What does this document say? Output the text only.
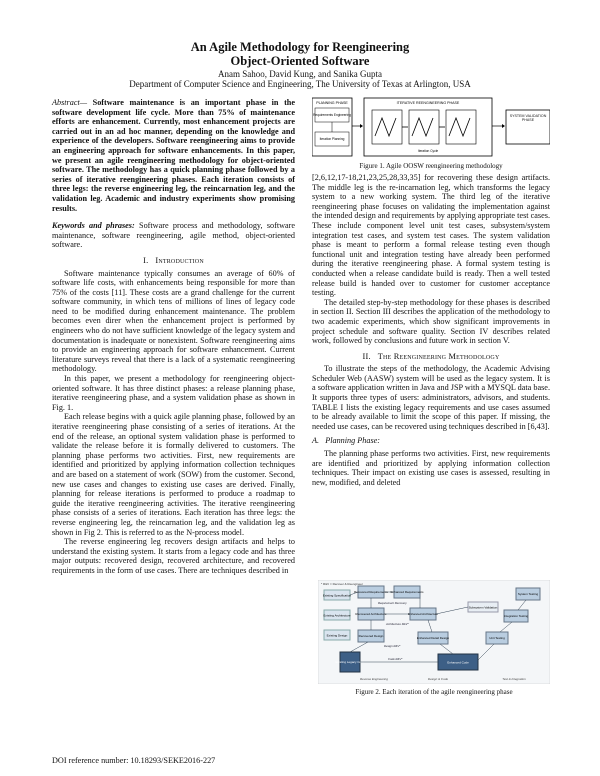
An Agile Methodology for Reengineering
Object-Oriented Software
Anam Sahoo, David Kung, and Sanika Gupta
Department of Computer Science and Engineering, The University of Texas at Arlington, USA

Abstract— Software maintenance is an important phase in the software development life cycle. More than 75% of maintenance efforts are enhancement. Currently, most enhancement projects are carried out in an ad hoc manner, depending on the knowledge and experience of the developers. Software reengineering aims to provide an engineering approach for software enhancements. In this paper, we present an agile reengineering methodology for object-oriented software. The methodology has a quick planning phase followed by a series of iterative reengineering phases. Each iteration consists of three legs: the reverse engineering leg, the reincarnation leg, and the validation leg. Academic and industry experiments show promising results.

Keywords and phrases: Software process and methodology, software maintenance, software reengineering, agile method, object-oriented software.

I. Introduction

Software maintenance typically consumes an average of 60% of software life costs, with enhancements being responsible for more than 75% of the costs [11]. These costs are a grand challenge for the current software community, in which tens of millions of lines of legacy code need to be modified during enhancement maintenance. The problem becomes even direr when the enhancement project is performed by engineers who do not have sufficient knowledge of the legacy system and documentation is inadequate or nonexistent. Software reengineering aims to provide an engineering approach for software enhancement. Current literature surveys reveal that there is a lack of a systematic reengineering methodology.

In this paper, we present a methodology for reengineering object-oriented software. It has three distinct phases: a release planning phase, iterative reengineering phase, and a system validation phase as shown in Fig. 1.

Each release begins with a quick agile planning phase, followed by an iterative reengineering phase consisting of a series of iterations. At the end of the release, an optional system validation phase is performed to validate the release before it is formally delivered to customers. The planning phase performs two activities. First, new requirements are identified and prioritized by applying information collection techniques and are based on a statement of work (SOW) from the customer. Second, new use cases and changes to existing use cases are derived. Finally, planning for release iterations is performed to produce a roadmap to guide the iterative reengineering activities. The iterative reengineering phase consists of a series of iterations. Each iteration has three legs: the reverse engineering leg, the reincarnation leg, and the validation leg as shown in Fig 2. This is referred to as the N-process model.

The reverse engineering leg recovers design artifacts and helps to understand the existing system. It starts from a legacy code and has three major outputs: recovered design, recovered architecture, and recovered requirements in the form of use cases. There are techniques described in

PLANNING PHASE
Requirements Engineering
Iteration Planning
ITERATIVE REENGINEERING PHASE
Iteration Cycle
SYSTEM VALIDATION PHASE
Figure 1. Agile OOSW reengineering methodology

[2,6,12,17-18,21,23,25,28,33,35] for recovering these design artifacts. The middle leg is the re-incarnation leg, which transforms the legacy system to a new working system. The third leg of the iterative reengineering phase focuses on validating the implementation against the intended design and requirements by applying appropriate test cases. These include component level unit test cases, subsystem/system integration test cases, and system test cases. The system validation phase is meant to perform a formal release testing even though functional unit and integration testing have already been performed during the iterative reengineering phase. A formal system testing is conducted when a release candidate build is ready. Then a well tested release build is handed over to customer for customer acceptance testing.

The detailed step-by-step methodology for these phases is described in section II. Section III describes the application of the methodology to two academic experiments, which show significant improvements in project schedule and software quality. Section IV describes related work, followed by conclusions and future work in section V.

II. The Reengineering Methodology

To illustrate the steps of the methodology, the Academic Advising Scheduler Web (AASW) system will be used as the legacy system. It is a software application written in Java and JSP with a MYSQL data base. It supports three types of users: administrators, advisors, and students. TABLE I lists the existing legacy requirements and use cases assumed to be already available to limit the scope of this paper. If missing, the needed use cases, can be recovered using techniques described in [6,43].

A. Planning Phase:

The planning phase performs two activities. First, new requirements are identified and prioritized by applying information collection techniques. Their impact on existing use cases is assessed, resulting in new, modified, and deleted

* R&V = Recover & Reengineer
Existing Specification
Recovered Requirements Enhanced Requirements
Existing Architecture Recovered Architecture	Enhanced Architecture
Existing Design	Recovered Design	Enhanced Detail Design
Existing Legacy Code	Enhanced Code
Subsystem Validation
Integration Testing
Unit Testing
System Testing
Requirement Recovery
Architecture R&V*
Design R&V*
Code R&V*
Reverse Engineering	Design & Code	Test & Integration
Figure 2. Each iteration of the agile reengineering phase
DOI reference number: 10.18293/SEKE2016-227
